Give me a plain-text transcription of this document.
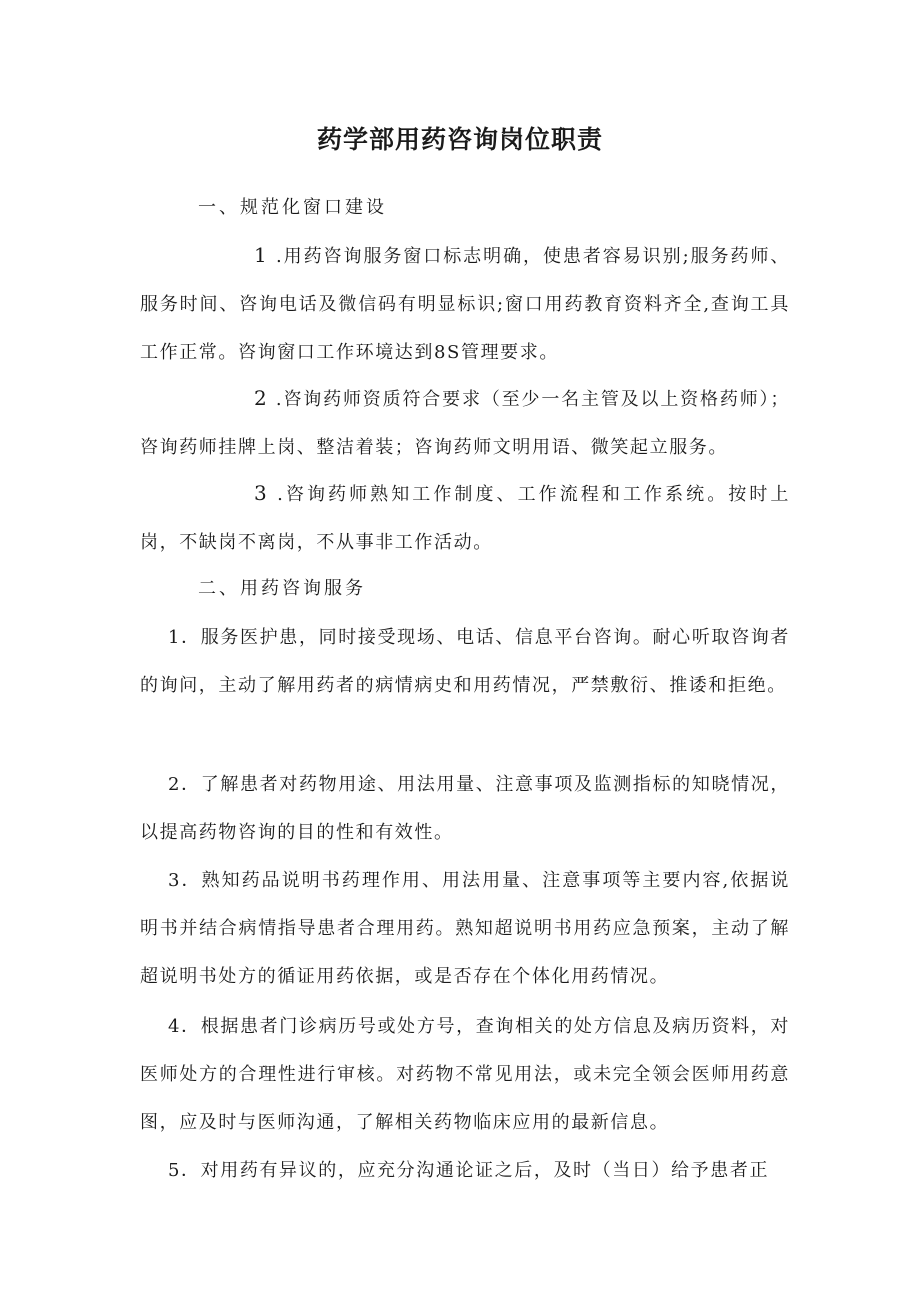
药学部用药咨询岗位职责

一、规范化窗口建设

1 .用药咨询服务窗口标志明确，使患者容易识别;服务药师、服务时间、咨询电话及微信码有明显标识;窗口用药教育资料齐全,查询工具工作正常。咨询窗口工作环境达到8S管理要求。

2 .咨询药师资质符合要求（至少一名主管及以上资格药师）；咨询药师挂牌上岗、整洁着装；咨询药师文明用语、微笑起立服务。

3 .咨询药师熟知工作制度、工作流程和工作系统。按时上岗，不缺岗不离岗，不从事非工作活动。

二、用药咨询服务

1．服务医护患，同时接受现场、电话、信息平台咨询。耐心听取咨询者的询问，主动了解用药者的病情病史和用药情况，严禁敷衍、推诿和拒绝。

2．了解患者对药物用途、用法用量、注意事项及监测指标的知晓情况，以提高药物咨询的目的性和有效性。

3．熟知药品说明书药理作用、用法用量、注意事项等主要内容,依据说明书并结合病情指导患者合理用药。熟知超说明书用药应急预案，主动了解超说明书处方的循证用药依据，或是否存在个体化用药情况。

4．根据患者门诊病历号或处方号，查询相关的处方信息及病历资料，对医师处方的合理性进行审核。对药物不常见用法，或未完全领会医师用药意图，应及时与医师沟通，了解相关药物临床应用的最新信息。

5．对用药有异议的，应充分沟通论证之后，及时（当日）给予患者正
